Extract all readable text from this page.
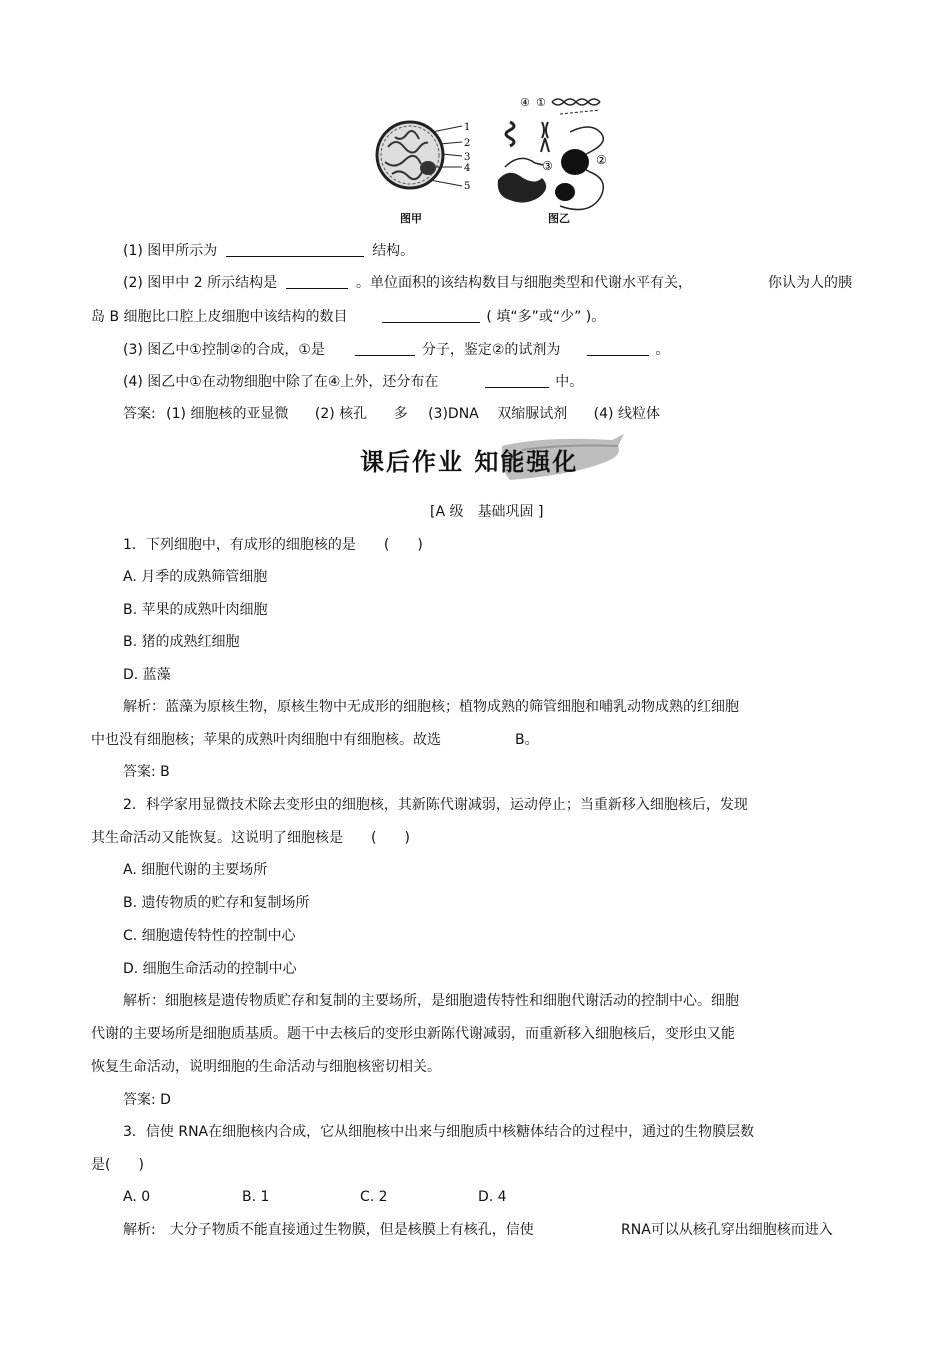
1
2
3
4
5
④ ①
②
③
图甲	图乙
(1) 图甲所示为	结构。
(2) 图甲中 2 所示结构是	。单位面积的该结构数目与细胞类型和代谢水平有关，	你认为人的胰
岛 B 细胞比口腔上皮细胞中该结构的数目	( 填“多”或“少” )。
(3) 图乙中①控制②的合成，①是	分子，鉴定②的试剂为	。
(4) 图乙中①在动物细胞中除了在④上外，还分布在	中。
答案: (1) 细胞核的亚显微 (2) 核孔 多 (3)DNA 双缩脲试剂 (4) 线粒体
课后作业 知能强化
[A 级　基础巩固 ]
1．下列细胞中，有成形的细胞核的是　　(　　)
A. 月季的成熟筛管细胞
B. 苹果的成熟叶肉细胞
B. 猪的成熟红细胞
D. 蓝藻
解析：蓝藻为原核生物，原核生物中无成形的细胞核；植物成熟的筛管细胞和哺乳动物成熟的红细胞
中也没有细胞核；苹果的成熟叶肉细胞中有细胞核。故选	B。
答案: B
2．科学家用显微技术除去变形虫的细胞核，其新陈代谢减弱，运动停止；当重新移入细胞核后，发现
其生命活动又能恢复。这说明了细胞核是　　(　　)
A. 细胞代谢的主要场所
B. 遗传物质的贮存和复制场所
C. 细胞遗传特性的控制中心
D. 细胞生命活动的控制中心
解析：细胞核是遗传物质贮存和复制的主要场所，是细胞遗传特性和细胞代谢活动的控制中心。细胞
代谢的主要场所是细胞质基质。题干中去核后的变形虫新陈代谢减弱，而重新移入细胞核后，变形虫又能
恢复生命活动，说明细胞的生命活动与细胞核密切相关。
答案: D
3．信使 RNA在细胞核内合成，它从细胞核中出来与细胞质中核糖体结合的过程中，通过的生物膜层数
是(　　)
A. 0	B. 1	C. 2	D. 4
解析:　大分子物质不能直接通过生物膜，但是核膜上有核孔，信使	RNA可以从核孔穿出细胞核而进入
